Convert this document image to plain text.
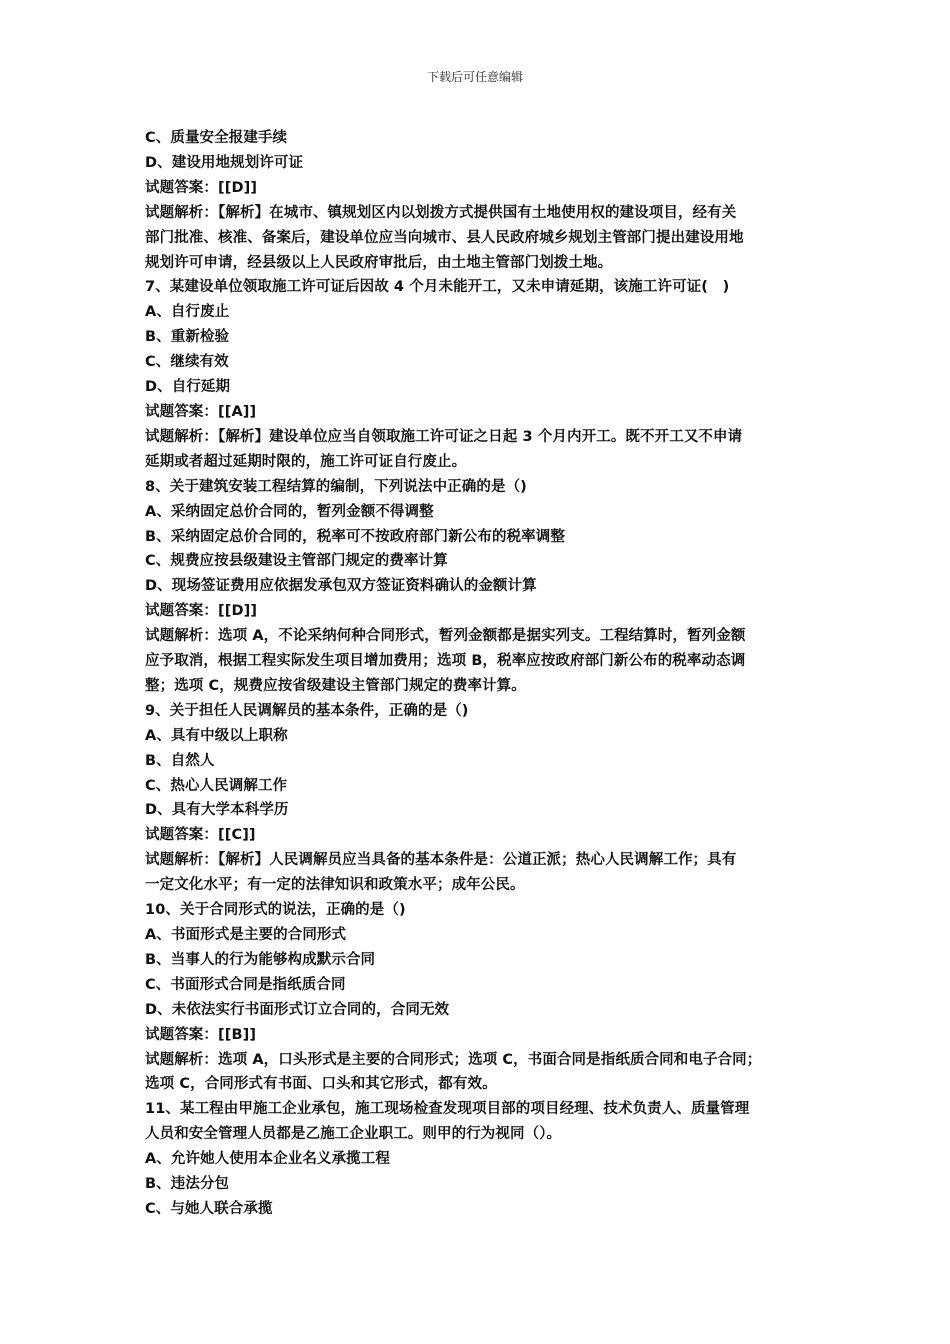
下载后可任意编辑
C、质量安全报建手续
D、建设用地规划许可证
试题答案：[[D]]
试题解析：【解析】在城市、镇规划区内以划拨方式提供国有土地使用权的建设项目，经有关
部门批准、核准、备案后，建设单位应当向城市、县人民政府城乡规划主管部门提出建设用地
规划许可申请，经县级以上人民政府审批后，由土地主管部门划拨土地。
7、某建设单位领取施工许可证后因故 4 个月未能开工，又未申请延期，该施工许可证(　)
A、自行废止
B、重新检验
C、继续有效
D、自行延期
试题答案：[[A]]
试题解析：【解析】建设单位应当自领取施工许可证之日起 3 个月内开工。既不开工又不申请
延期或者超过延期时限的，施工许可证自行废止。
8、关于建筑安装工程结算的编制，下列说法中正确的是（)
A、采纳固定总价合同的，暂列金额不得调整
B、采纳固定总价合同的，税率可不按政府部门新公布的税率调整
C、规费应按县级建设主管部门规定的费率计算
D、现场签证费用应依据发承包双方签证资料确认的金额计算
试题答案：[[D]]
试题解析：选项 A，不论采纳何种合同形式，暂列金额都是据实列支。工程结算时，暂列金额
应予取消，根据工程实际发生项目增加费用；选项 B，税率应按政府部门新公布的税率动态调
整；选项 C，规费应按省级建设主管部门规定的费率计算。
9、关于担任人民调解员的基本条件，正确的是（)
A、具有中级以上职称
B、自然人
C、热心人民调解工作
D、具有大学本科学历
试题答案：[[C]]
试题解析：【解析】人民调解员应当具备的基本条件是：公道正派；热心人民调解工作；具有
一定文化水平；有一定的法律知识和政策水平；成年公民。
10、关于合同形式的说法，正确的是（)
A、书面形式是主要的合同形式
B、当事人的行为能够构成默示合同
C、书面形式合同是指纸质合同
D、未依法实行书面形式订立合同的，合同无效
试题答案：[[B]]
试题解析：选项 A，口头形式是主要的合同形式；选项 C，书面合同是指纸质合同和电子合同；
选项 C，合同形式有书面、口头和其它形式，都有效。
11、某工程由甲施工企业承包，施工现场检查发现项目部的项目经理、技术负责人、质量管理
人员和安全管理人员都是乙施工企业职工。则甲的行为视同（）。
A、允许她人使用本企业名义承揽工程
B、违法分包
C、与她人联合承揽
